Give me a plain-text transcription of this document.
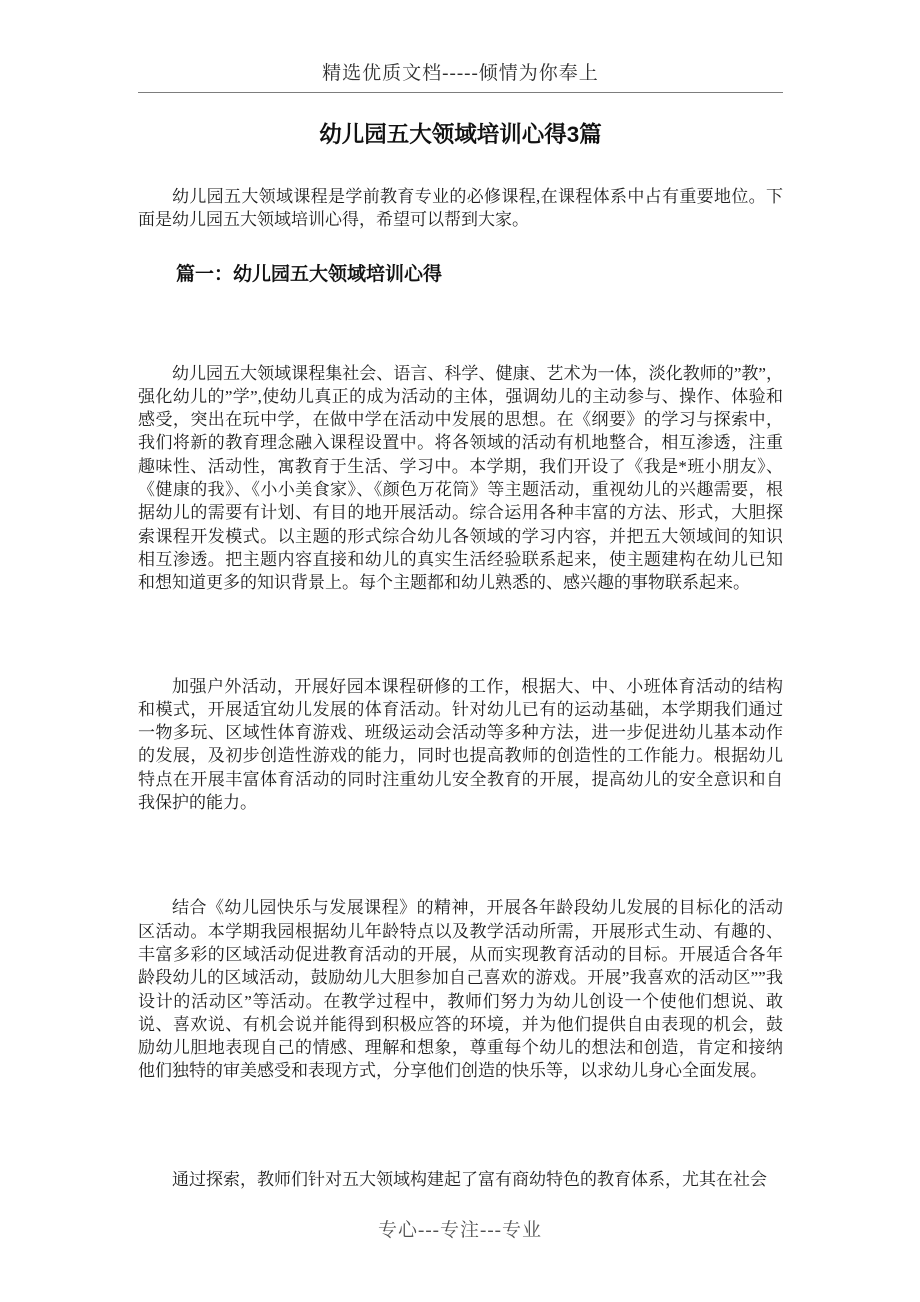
精选优质文档-----倾情为你奉上
幼儿园五大领域培训心得3篇

幼儿园五大领域课程是学前教育专业的必修课程,在课程体系中占有重要地位。下面是幼儿园五大领域培训心得，希望可以帮到大家。

篇一：幼儿园五大领域培训心得

幼儿园五大领域课程集社会、语言、科学、健康、艺术为一体，淡化教师的”教”，强化幼儿的”学”,使幼儿真正的成为活动的主体，强调幼儿的主动参与、操作、体验和感受，突出在玩中学，在做中学在活动中发展的思想。在《纲要》的学习与探索中，我们将新的教育理念融入课程设置中。将各领域的活动有机地整合，相互渗透，注重趣味性、活动性，寓教育于生活、学习中。本学期，我们开设了《我是*班小朋友》、《健康的我》、《小小美食家》、《颜色万花筒》等主题活动，重视幼儿的兴趣需要，根据幼儿的需要有计划、有目的地开展活动。综合运用各种丰富的方法、形式，大胆探索课程开发模式。以主题的形式综合幼儿各领域的学习内容，并把五大领域间的知识相互渗透。把主题内容直接和幼儿的真实生活经验联系起来，使主题建构在幼儿已知和想知道更多的知识背景上。每个主题都和幼儿熟悉的、感兴趣的事物联系起来。

加强户外活动，开展好园本课程研修的工作，根据大、中、小班体育活动的结构和模式，开展适宜幼儿发展的体育活动。针对幼儿已有的运动基础，本学期我们通过一物多玩、区域性体育游戏、班级运动会活动等多种方法，进一步促进幼儿基本动作的发展，及初步创造性游戏的能力，同时也提高教师的创造性的工作能力。根据幼儿特点在开展丰富体育活动的同时注重幼儿安全教育的开展，提高幼儿的安全意识和自我保护的能力。

结合《幼儿园快乐与发展课程》的精神，开展各年龄段幼儿发展的目标化的活动区活动。本学期我园根据幼儿年龄特点以及教学活动所需，开展形式生动、有趣的、丰富多彩的区域活动促进教育活动的开展，从而实现教育活动的目标。开展适合各年龄段幼儿的区域活动，鼓励幼儿大胆参加自己喜欢的游戏。开展”我喜欢的活动区””我设计的活动区”等活动。在教学过程中，教师们努力为幼儿创设一个使他们想说、敢说、喜欢说、有机会说并能得到积极应答的环境，并为他们提供自由表现的机会，鼓励幼儿胆地表现自己的情感、理解和想象，尊重每个幼儿的想法和创造，肯定和接纳他们独特的审美感受和表现方式，分享他们创造的快乐等，以求幼儿身心全面发展。

通过探索，教师们针对五大领域构建起了富有商幼特色的教育体系，尤其在社会

专心---专注---专业
